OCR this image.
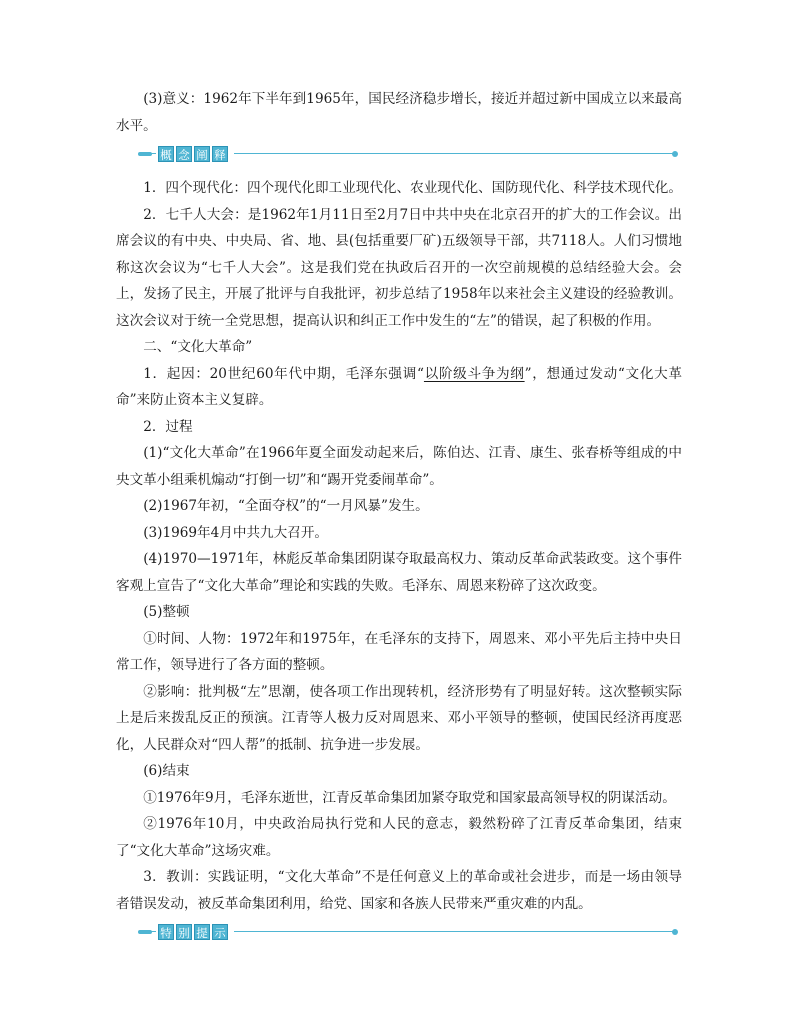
(3)意义：1962年下半年到1965年，国民经济稳步增长，接近并超过新中国成立以来最高水平。

概 念 阐 释

1．四个现代化：四个现代化即工业现代化、农业现代化、国防现代化、科学技术现代化。

2．七千人大会：是1962年1月11日至2月7日中共中央在北京召开的扩大的工作会议。出席会议的有中央、中央局、省、地、县(包括重要厂矿)五级领导干部，共7118人。人们习惯地称这次会议为“七千人大会”。这是我们党在执政后召开的一次空前规模的总结经验大会。会上，发扬了民主，开展了批评与自我批评，初步总结了1958年以来社会主义建设的经验教训。这次会议对于统一全党思想，提高认识和纠正工作中发生的“左”的错误，起了积极的作用。

二、“文化大革命”

1．起因：20世纪60年代中期，毛泽东强调“以阶级斗争为纲”，想通过发动“文化大革命”来防止资本主义复辟。

2．过程

(1)“文化大革命”在1966年夏全面发动起来后，陈伯达、江青、康生、张春桥等组成的中央文革小组乘机煽动“打倒一切”和“踢开党委闹革命”。

(2)1967年初，“全面夺权”的“一月风暴”发生。

(3)1969年4月中共九大召开。

(4)1970—1971年，林彪反革命集团阴谋夺取最高权力、策动反革命武装政变。这个事件客观上宣告了“文化大革命”理论和实践的失败。毛泽东、周恩来粉碎了这次政变。

(5)整顿

①时间、人物：1972年和1975年，在毛泽东的支持下，周恩来、邓小平先后主持中央日常工作，领导进行了各方面的整顿。

②影响：批判极“左”思潮，使各项工作出现转机，经济形势有了明显好转。这次整顿实际上是后来拨乱反正的预演。江青等人极力反对周恩来、邓小平领导的整顿，使国民经济再度恶化，人民群众对“四人帮”的抵制、抗争进一步发展。

(6)结束

①1976年9月，毛泽东逝世，江青反革命集团加紧夺取党和国家最高领导权的阴谋活动。

②1976年10月，中央政治局执行党和人民的意志，毅然粉碎了江青反革命集团，结束了“文化大革命”这场灾难。

3．教训：实践证明，“文化大革命”不是任何意义上的革命或社会进步，而是一场由领导者错误发动，被反革命集团利用，给党、国家和各族人民带来严重灾难的内乱。

特 别 提 示
